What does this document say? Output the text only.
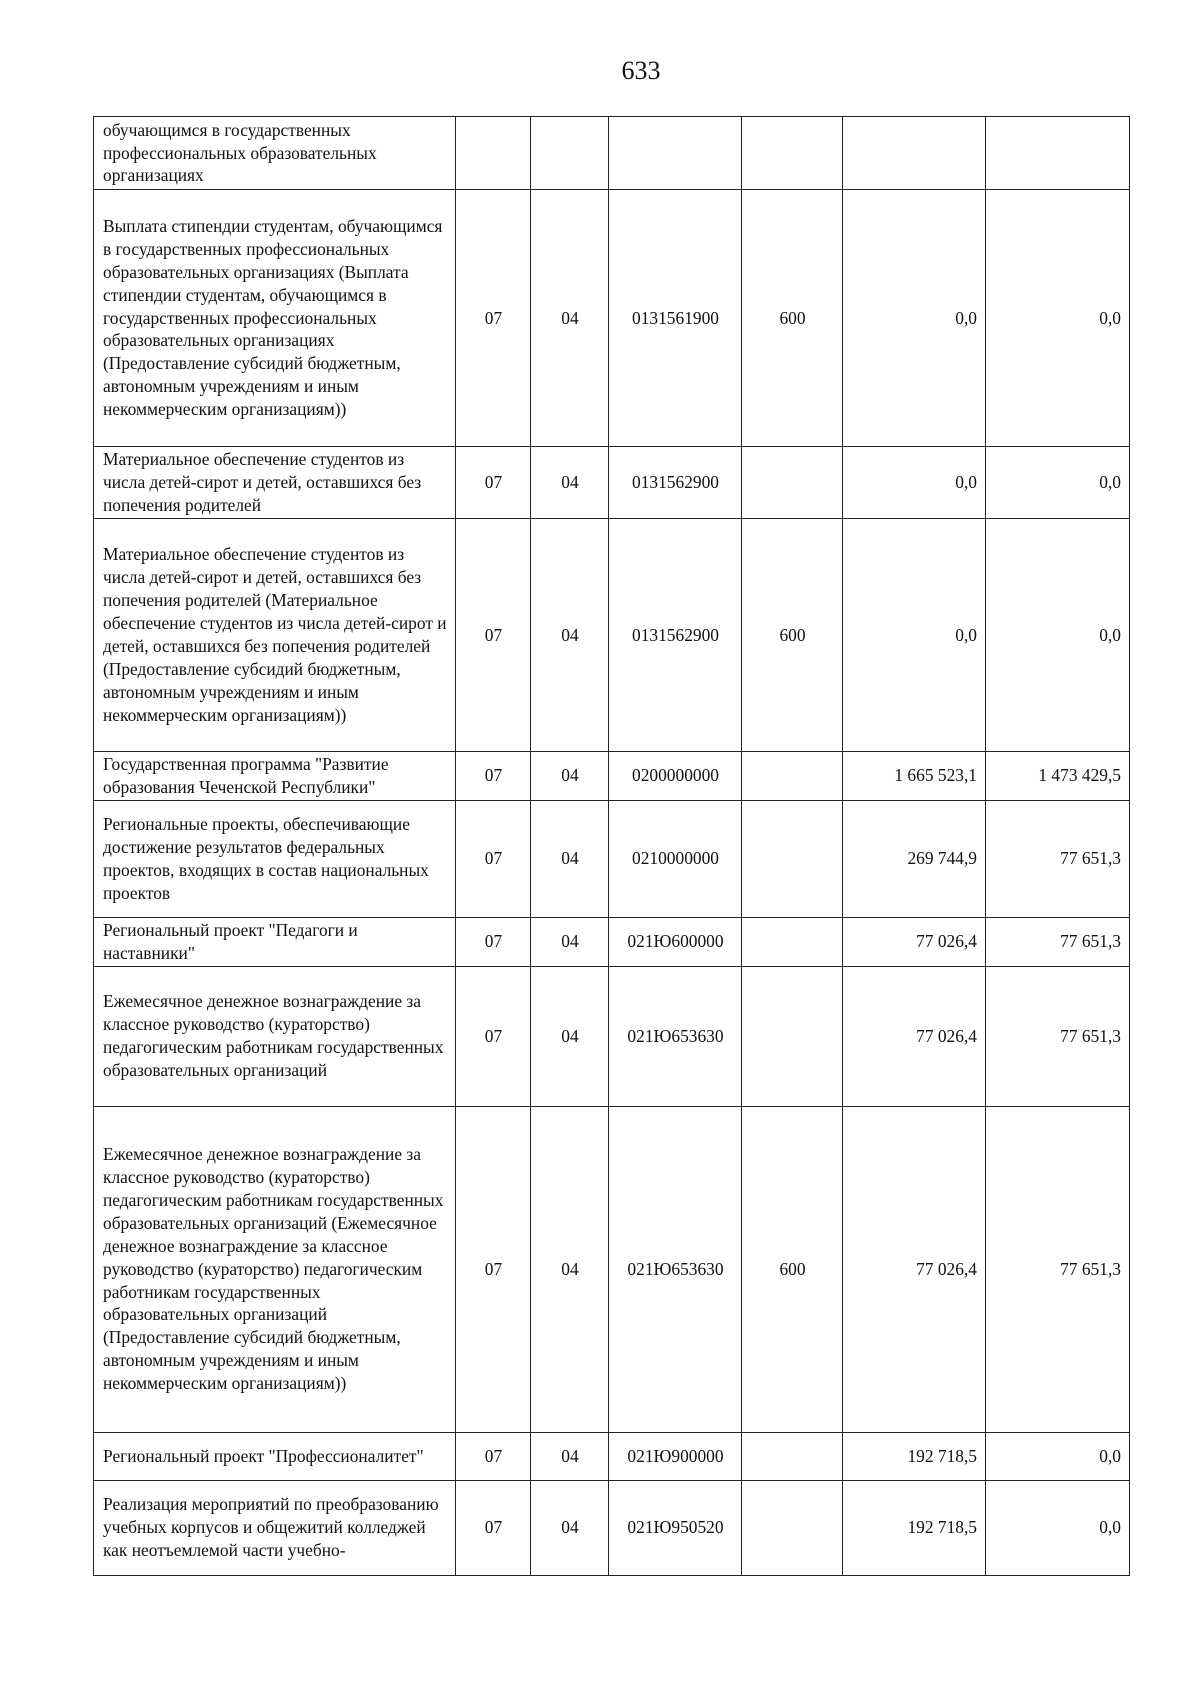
633
обучающимся в государственных профессиональных образовательных организациях						
Выплата стипендии студентам, обучающимся в государственных профессиональных образовательных организациях (Выплата стипендии студентам, обучающимся в государственных профессиональных образовательных организациях (Предоставление субсидий бюджетным, автономным учреждениям и иным некоммерческим организациям))	07	04	0131561900	600	0,0	0,0
Материальное обеспечение студентов из числа детей-сирот и детей, оставшихся без попечения родителей	07	04	0131562900		0,0	0,0
Материальное обеспечение студентов из числа детей-сирот и детей, оставшихся без попечения родителей (Материальное обеспечение студентов из числа детей-сирот и детей, оставшихся без попечения родителей (Предоставление субсидий бюджетным, автономным учреждениям и иным некоммерческим организациям))	07	04	0131562900	600	0,0	0,0
Государственная программа "Развитие образования Чеченской Республики"	07	04	0200000000		1 665 523,1	1 473 429,5
Региональные проекты, обеспечивающие достижение результатов федеральных проектов, входящих в состав национальных проектов	07	04	0210000000		269 744,9	77 651,3
Региональный проект "Педагоги и наставники"	07	04	021Ю600000		77 026,4	77 651,3
Ежемесячное денежное вознаграждение за классное руководство (кураторство) педагогическим работникам государственных образовательных организаций	07	04	021Ю653630		77 026,4	77 651,3
Ежемесячное денежное вознаграждение за классное руководство (кураторство) педагогическим работникам государственных образовательных организаций (Ежемесячное денежное вознаграждение за классное руководство (кураторство) педагогическим работникам государственных образовательных организаций (Предоставление субсидий бюджетным, автономным учреждениям и иным некоммерческим организациям))	07	04	021Ю653630	600	77 026,4	77 651,3
Региональный проект "Профессионалитет"	07	04	021Ю900000		192 718,5	0,0
Реализация мероприятий по преобразованию учебных корпусов и общежитий колледжей как неотъемлемой части учебно-	07	04	021Ю950520		192 718,5	0,0
